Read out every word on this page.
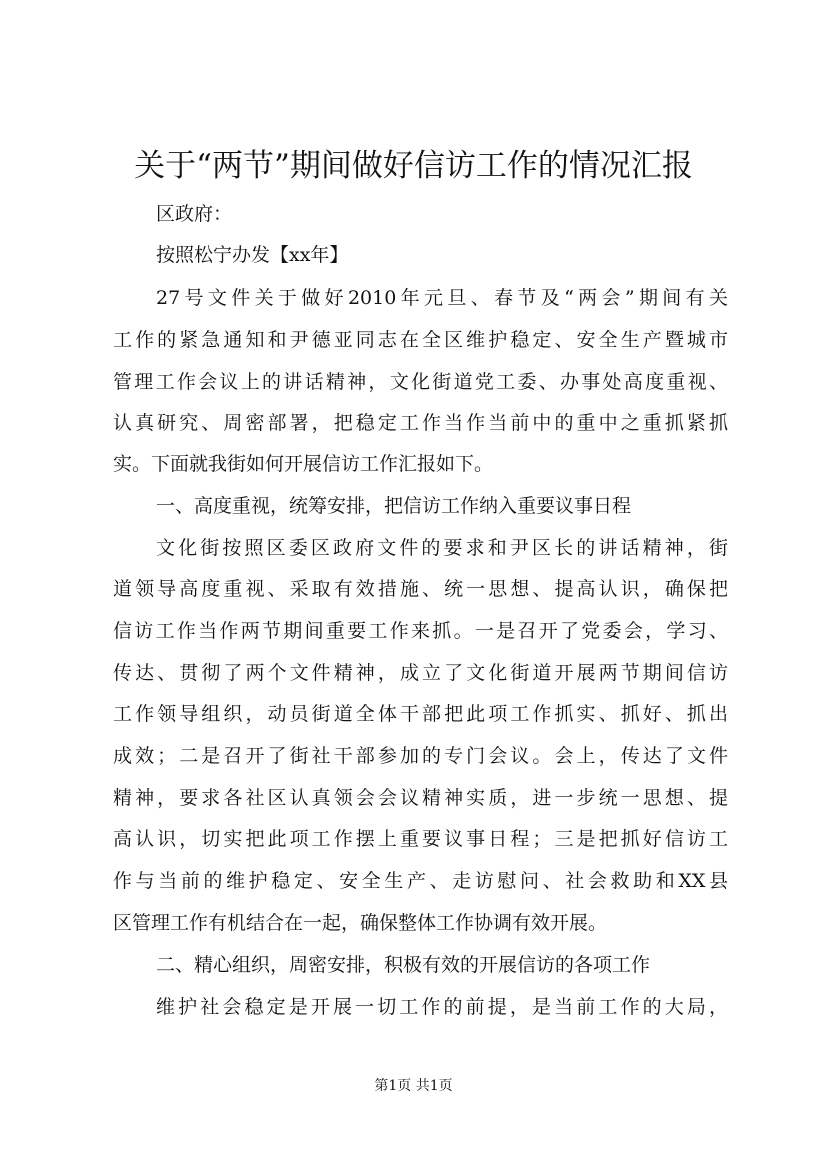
关于“两节”期间做好信访工作的情况汇报
区政府：
按照松宁办发【xx年】
27号文件关于做好2010年元旦、春节及“两会”期间有关
工作的紧急通知和尹德亚同志在全区维护稳定、安全生产暨城市
管理工作会议上的讲话精神，文化街道党工委、办事处高度重视、
认真研究、周密部署，把稳定工作当作当前中的重中之重抓紧抓
实。下面就我街如何开展信访工作汇报如下。
一、高度重视，统筹安排，把信访工作纳入重要议事日程
文化街按照区委区政府文件的要求和尹区长的讲话精神，街
道领导高度重视、采取有效措施、统一思想、提高认识，确保把
信访工作当作两节期间重要工作来抓。一是召开了党委会，学习、
传达、贯彻了两个文件精神，成立了文化街道开展两节期间信访
工作领导组织，动员街道全体干部把此项工作抓实、抓好、抓出
成效；二是召开了街社干部参加的专门会议。会上，传达了文件
精神，要求各社区认真领会会议精神实质，进一步统一思想、提
高认识，切实把此项工作摆上重要议事日程；三是把抓好信访工
作与当前的维护稳定、安全生产、走访慰问、社会救助和XX县
区管理工作有机结合在一起，确保整体工作协调有效开展。
二、精心组织，周密安排，积极有效的开展信访的各项工作
维护社会稳定是开展一切工作的前提，是当前工作的大局，
第1页 共1页
